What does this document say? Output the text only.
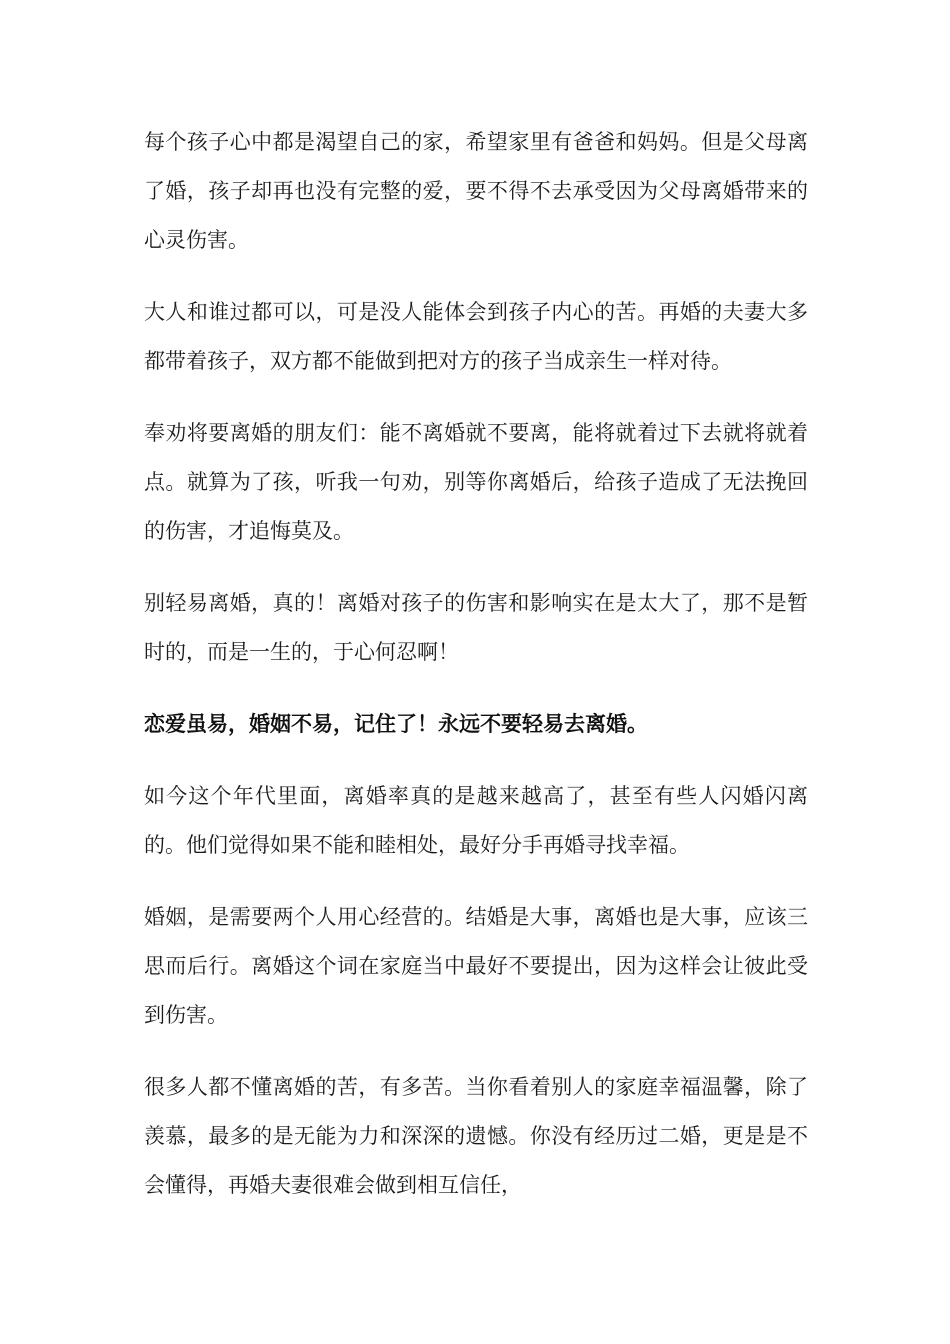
每个孩子心中都是渴望自己的家，希望家里有爸爸和妈妈。但是父母离了婚，孩子却再也没有完整的爱，要不得不去承受因为父母离婚带来的心灵伤害。

大人和谁过都可以，可是没人能体会到孩子内心的苦。再婚的夫妻大多都带着孩子，双方都不能做到把对方的孩子当成亲生一样对待。

奉劝将要离婚的朋友们：能不离婚就不要离，能将就着过下去就将就着点。就算为了孩，听我一句劝，别等你离婚后，给孩子造成了无法挽回的伤害，才追悔莫及。

别轻易离婚，真的！离婚对孩子的伤害和影响实在是太大了，那不是暂时的，而是一生的，于心何忍啊！

恋爱虽易，婚姻不易，记住了！永远不要轻易去离婚。

如今这个年代里面，离婚率真的是越来越高了，甚至有些人闪婚闪离的。他们觉得如果不能和睦相处，最好分手再婚寻找幸福。

婚姻，是需要两个人用心经营的。结婚是大事，离婚也是大事，应该三思而后行。离婚这个词在家庭当中最好不要提出，因为这样会让彼此受到伤害。

很多人都不懂离婚的苦，有多苦。当你看着别人的家庭幸福温馨，除了羡慕，最多的是无能为力和深深的遗憾。你没有经历过二婚，更是是不会懂得，再婚夫妻很难会做到相互信任，
